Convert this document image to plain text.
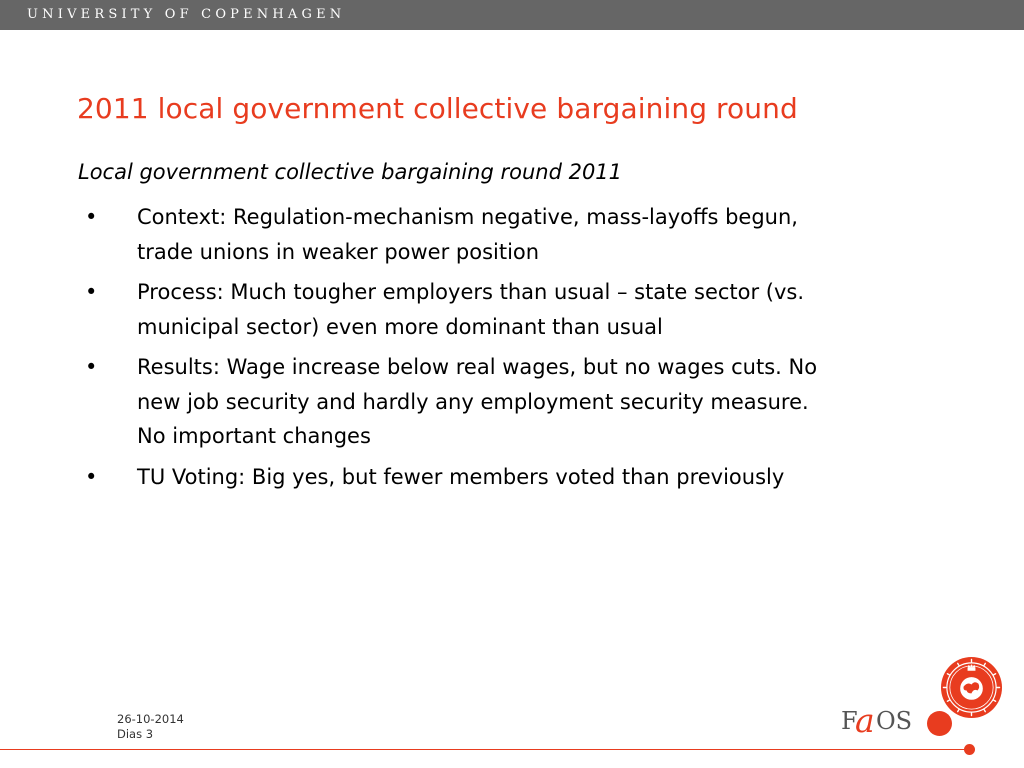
UNIVERSITY OF COPENHAGEN
2011 local government collective bargaining round
Local government collective bargaining round 2011
• Context: Regulation-mechanism negative, mass-layoffs begun,
trade unions in weaker power position
• Process: Much tougher employers than usual – state sector (vs.
municipal sector) even more dominant than usual
• Results: Wage increase below real wages, but no wages cuts. No
new job security and hardly any employment security measure.
No important changes
• TU Voting: Big yes, but fewer members voted than previously
26-10-2014
Dias 3	F
a OS
